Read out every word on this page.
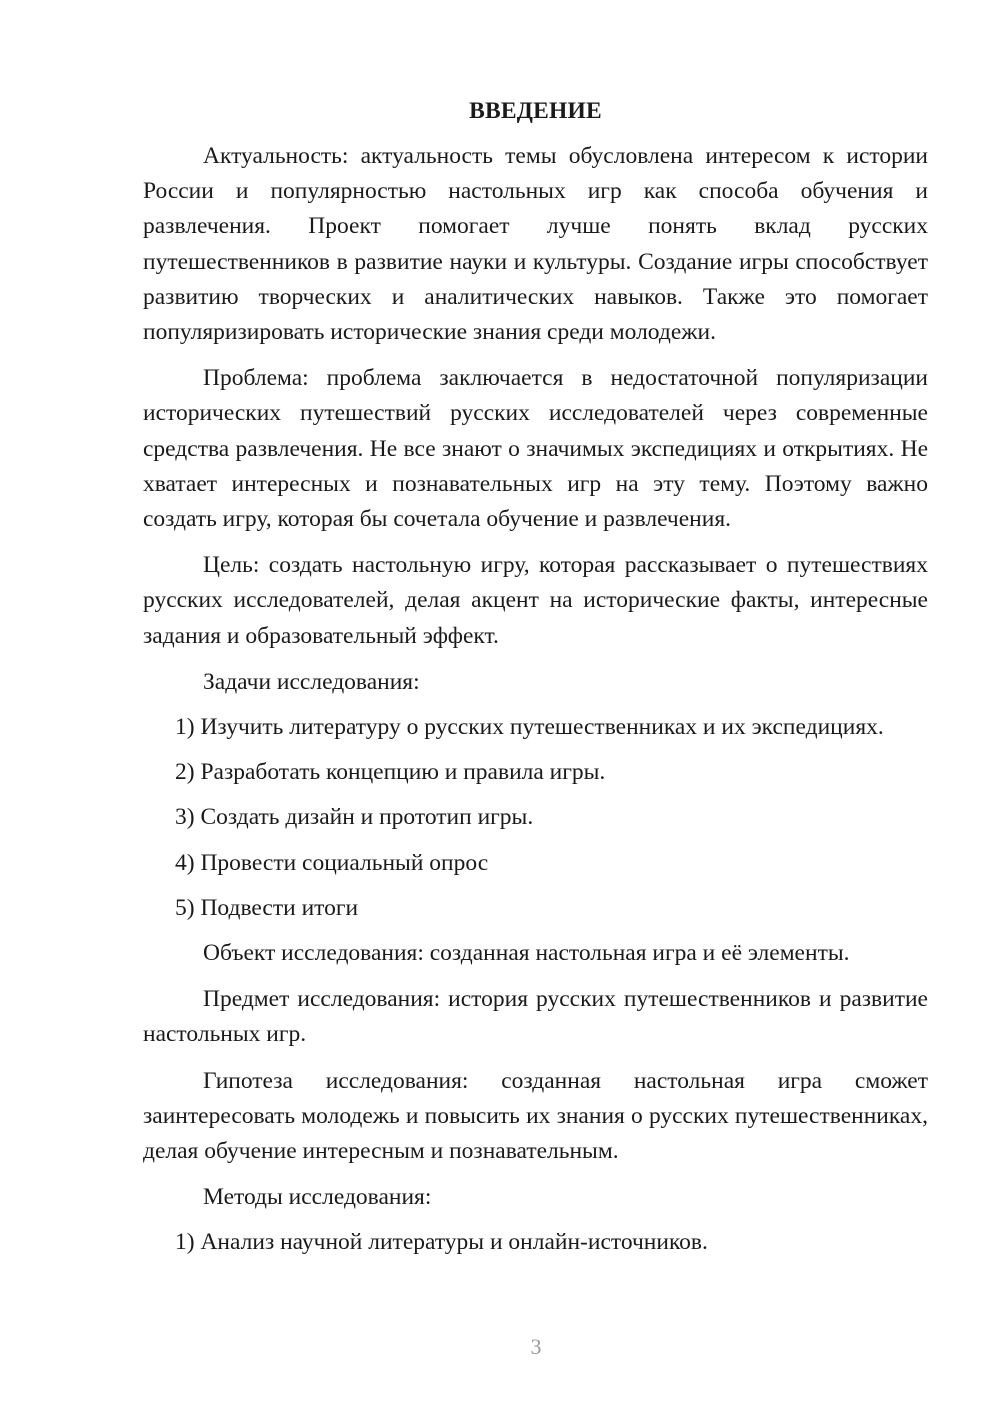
ВВЕДЕНИЕ

Актуальность: актуальность темы обусловлена интересом к истории России и популярностью настольных игр как способа обучения и развлечения. Проект помогает лучше понять вклад русских путешественников в развитие науки и культуры. Создание игры способствует развитию творческих и аналитических навыков. Также это помогает популяризировать исторические знания среди молодежи.

Проблема: проблема заключается в недостаточной популяризации исторических путешествий русских исследователей через современные средства развлечения. Не все знают о значимых экспедициях и открытиях. Не хватает интересных и познавательных игр на эту тему. Поэтому важно создать игру, которая бы сочетала обучение и развлечения.

Цель: создать настольную игру, которая рассказывает о путешествиях русских исследователей, делая акцент на исторические факты, интересные задания и образовательный эффект.

Задачи исследования:

1) Изучить литературу о русских путешественниках и их экспедициях.

2) Разработать концепцию и правила игры.

3) Создать дизайн и прототип игры.

4) Провести социальный опрос

5) Подвести итоги

Объект исследования: созданная настольная игра и её элементы.

Предмет исследования: история русских путешественников и развитие настольных игр.

Гипотеза исследования: созданная настольная игра сможет заинтересовать молодежь и повысить их знания о русских путешественниках, делая обучение интересным и познавательным.

Методы исследования:

1) Анализ научной литературы и онлайн-источников.

3
